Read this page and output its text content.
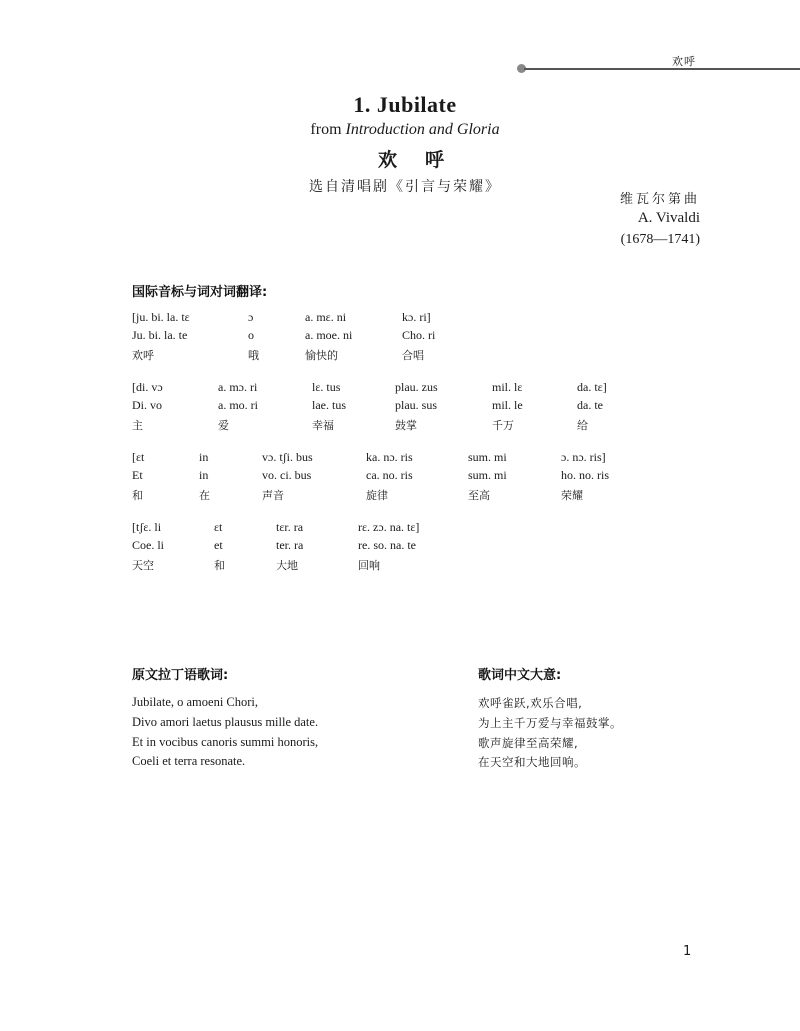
欢呼
1. Jubilate
from Introduction and Gloria
欢呼
选自清唱剧《引言与荣耀》
维瓦尔第曲
A. Vivaldi
(1678—1741)
国际音标与词对词翻译:
[ju. bi. la. tɛ	ɔ	a. mɛ. ni	kɔ. ri]
Ju. bi. la. te	o	a. moe. ni	Cho. ri
欢呼	哦	愉快的	合唱
[di. vɔ	a. mɔ. ri	lɛ. tus	plau. zus	mil. lɛ	da. tɛ]
Di. vo	a. mo. ri	lae. tus	plau. sus	mil. le	da. te
主	爱	幸福	鼓掌	千万	给
[ɛt	in	vɔ. tʃi. bus	ka. nɔ. ris	sum. mi	ɔ. nɔ. ris]
Et	in	vo. ci. bus	ca. no. ris	sum. mi	ho. no. ris
和	在	声音	旋律	至高	荣耀
[tʃɛ. li	ɛt	tɛr. ra	rɛ. zɔ. na. tɛ]
Coe. li	et	ter. ra	re. so. na. te
天空	和	大地	回响
原文拉丁语歌词:
Jubilate, o amoeni Chori,
Divo amori laetus plausus mille date.
Et in vocibus canoris summi honoris,
Coeli et terra resonate.
歌词中文大意:
欢呼雀跃,欢乐合唱,
为上主千万爱与幸福鼓掌。
歌声旋律至高荣耀,
在天空和大地回响。
1
